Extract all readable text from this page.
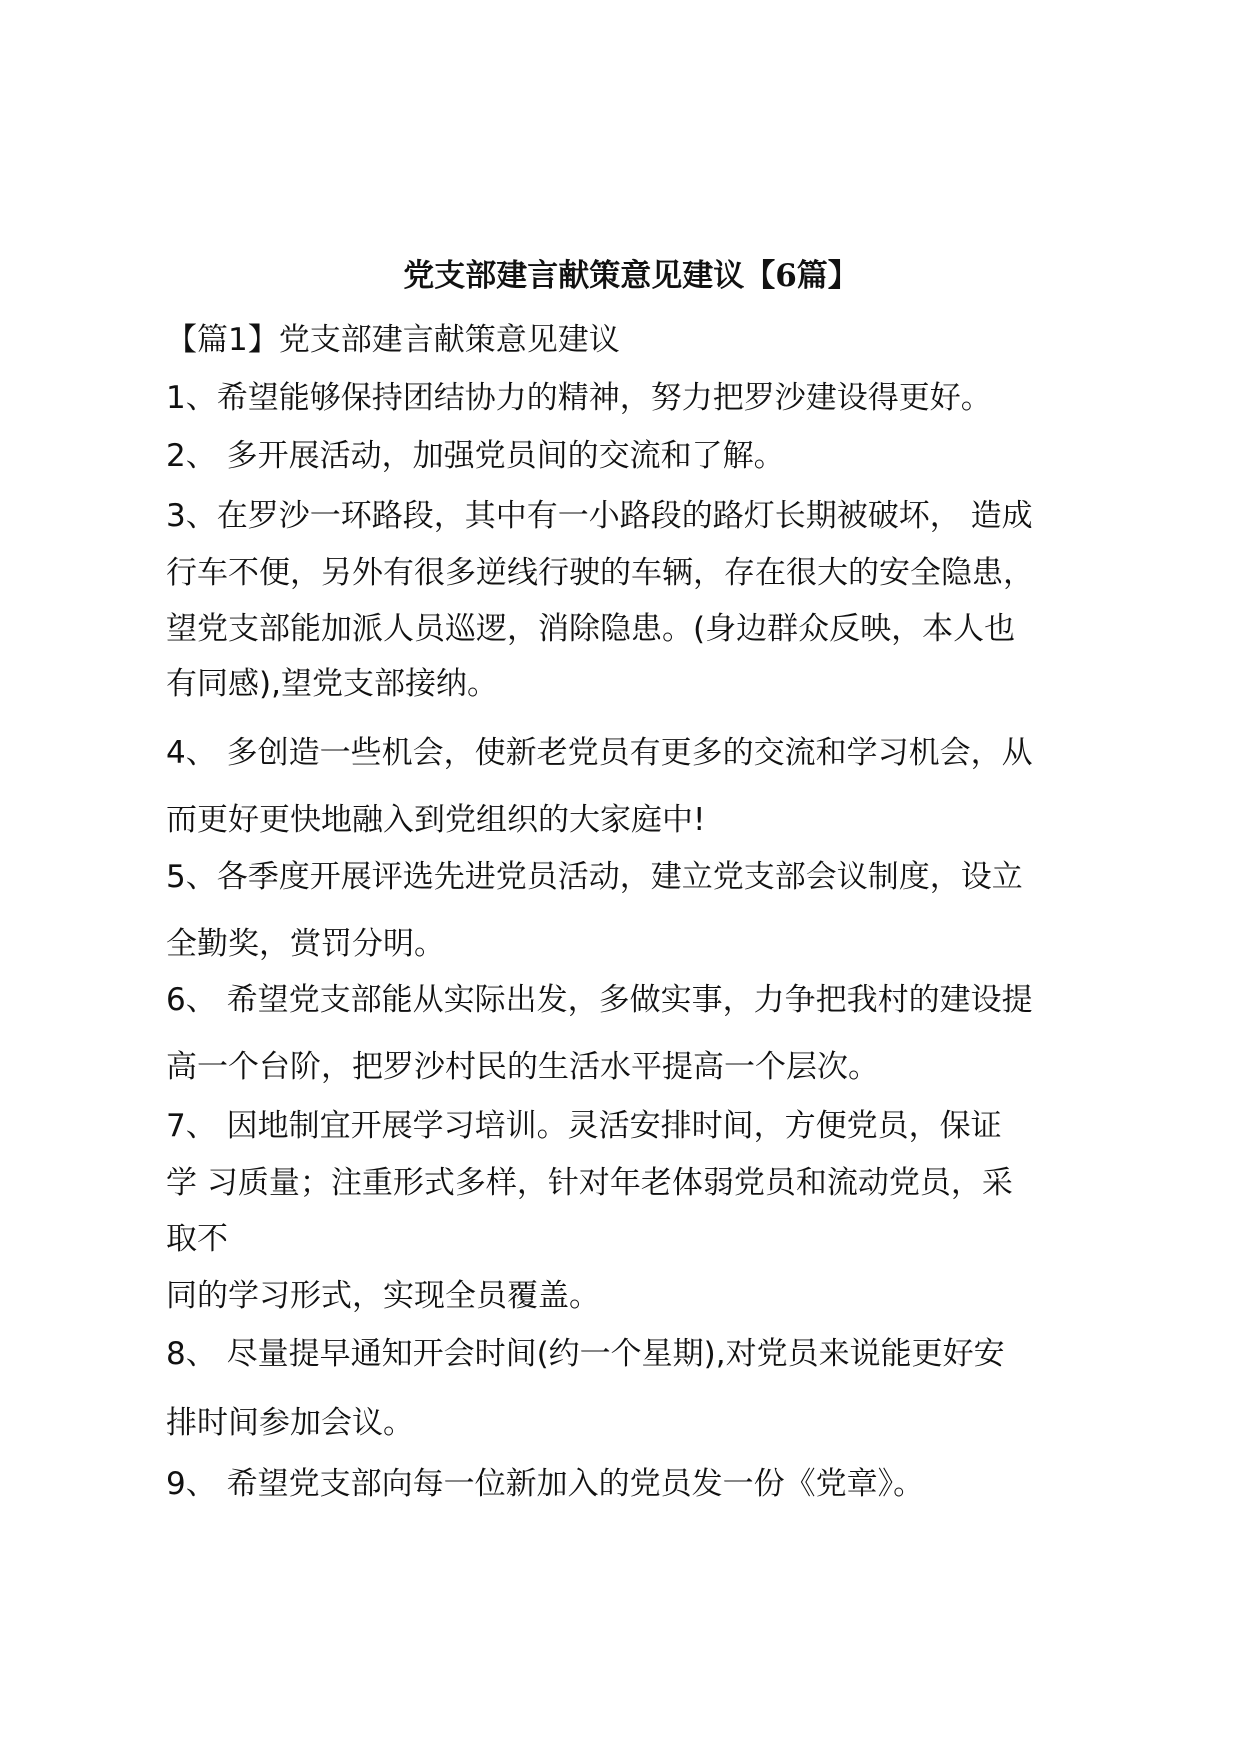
党支部建言献策意见建议【6篇】
【篇1】党支部建言献策意见建议
1、希望能够保持团结协力的精神，努力把罗沙建设得更好。
2、 多开展活动，加强党员间的交流和了解。
3、在罗沙一环路段，其中有一小路段的路灯长期被破坏， 造成
行车不便，另外有很多逆线行驶的车辆，存在很大的安全隐患，
望党支部能加派人员巡逻，消除隐患。(身边群众反映，本人也
有同感),望党支部接纳。
4、 多创造一些机会，使新老党员有更多的交流和学习机会，从
而更好更快地融入到党组织的大家庭中!
5、各季度开展评选先进党员活动，建立党支部会议制度，设立
全勤奖，赏罚分明。
6、 希望党支部能从实际出发，多做实事，力争把我村的建设提
高一个台阶，把罗沙村民的生活水平提高一个层次。
7、 因地制宜开展学习培训。灵活安排时间，方便党员，保证
学 习质量；注重形式多样，针对年老体弱党员和流动党员，采
取不
同的学习形式，实现全员覆盖。
8、 尽量提早通知开会时间(约一个星期),对党员来说能更好安
排时间参加会议。
9、 希望党支部向每一位新加入的党员发一份《党章》。
